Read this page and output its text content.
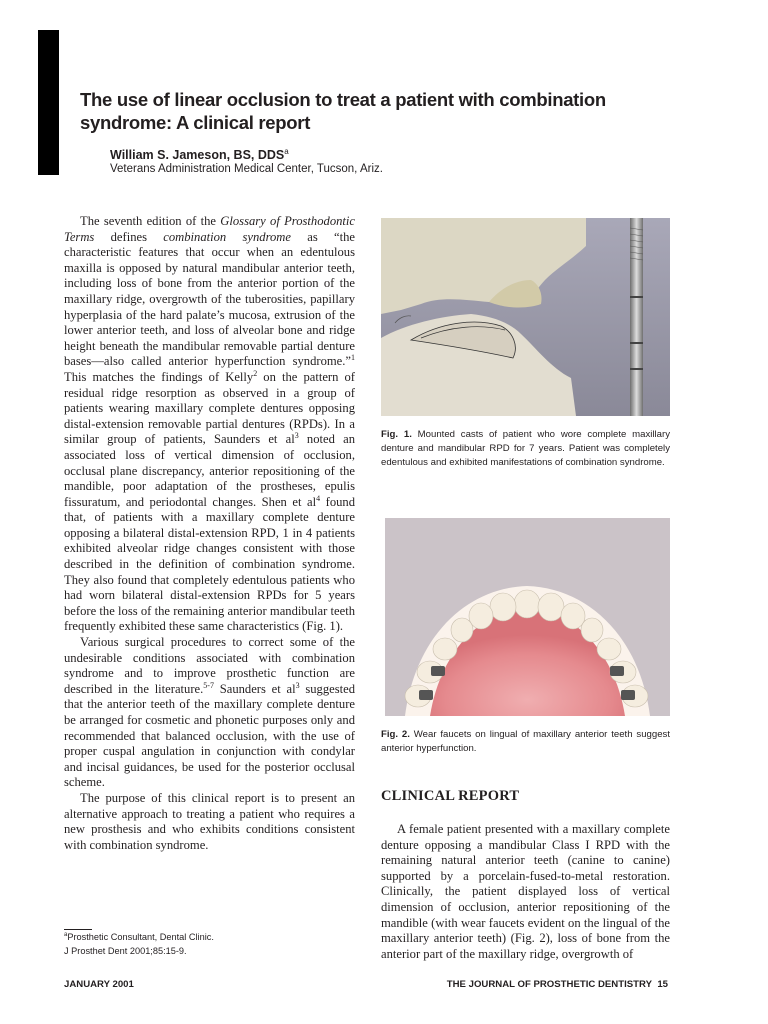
The use of linear occlusion to treat a patient with combination syndrome: A clinical report

William S. Jameson, BS, DDS$^a$

Veterans Administration Medical Center, Tucson, Ariz.

The seventh edition of the Glossary of Prosthodontic Terms defines combination syndrome as “the characteristic features that occur when an edentulous maxilla is opposed by natural mandibular anterior teeth, including loss of bone from the anterior portion of the maxillary ridge, overgrowth of the tuberosities, papillary hyperplasia of the hard palate’s mucosa, extrusion of the lower anterior teeth, and loss of alveolar bone and ridge height beneath the mandibular removable partial denture bases—also called anterior hyperfunction syndrome.”$^1$ This matches the findings of Kelly$^2$ on the pattern of residual ridge resorption as observed in a group of patients wearing maxillary complete dentures opposing distal-extension removable partial dentures (RPDs). In a similar group of patients, Saunders et $al^3$ noted an associated loss of vertical dimension of occlusion, occlusal plane discrepancy, anterior repositioning of the mandible, poor adaptation of the prostheses, epulis fissuratum, and periodontal changes. Shen et $al^4$ found that, of patients with a maxillary complete denture opposing a bilateral distal-extension RPD, 1 in 4 patients exhibited alveolar ridge changes consistent with those described in the definition of combination syndrome. They also found that completely edentulous patients who had worn bilateral distal-extension RPDs for 5 years before the loss of the remaining anterior mandibular teeth frequently exhibited these same characteristics (Fig. 1).

Various surgical procedures to correct some of the undesirable conditions associated with combination syndrome and to improve prosthetic function are described in the literature.$^{5-7}$ Saunders et $al^3$ suggested that the anterior teeth of the maxillary complete denture be arranged for cosmetic and phonetic purposes only and recommended that balanced occlusion, with the use of proper cuspal angulation in conjunction with condylar and incisal guidances, be used for the posterior occlusal scheme.

The purpose of this clinical report is to present an alternative approach to treating a patient who requires a new prosthesis and who exhibits conditions consistent with combination syndrome.

Fig. 1. Mounted casts of patient who wore complete maxillary denture and mandibular RPD for 7 years. Patient was completely edentulous and exhibited manifestations of combination syndrome.

Fig. 2. Wear faucets on lingual of maxillary anterior teeth suggest anterior hyperfunction.

CLINICAL REPORT

A female patient presented with a maxillary complete denture opposing a mandibular Class I RPD with the remaining natural anterior teeth (canine to canine) supported by a porcelain-fused-to-metal restoration. Clinically, the patient displayed loss of vertical dimension of occlusion, anterior repositioning of the mandible (with wear faucets evident on the lingual of the maxillary anterior teeth) (Fig. 2), loss of bone from the anterior part of the maxillary ridge, overgrowth of

$^a$Prosthetic Consultant, Dental Clinic.

J Prosthet Dent 2001;85:15-9.

JANUARY 2001	THE JOURNAL OF PROSTHETIC DENTISTRY 15
